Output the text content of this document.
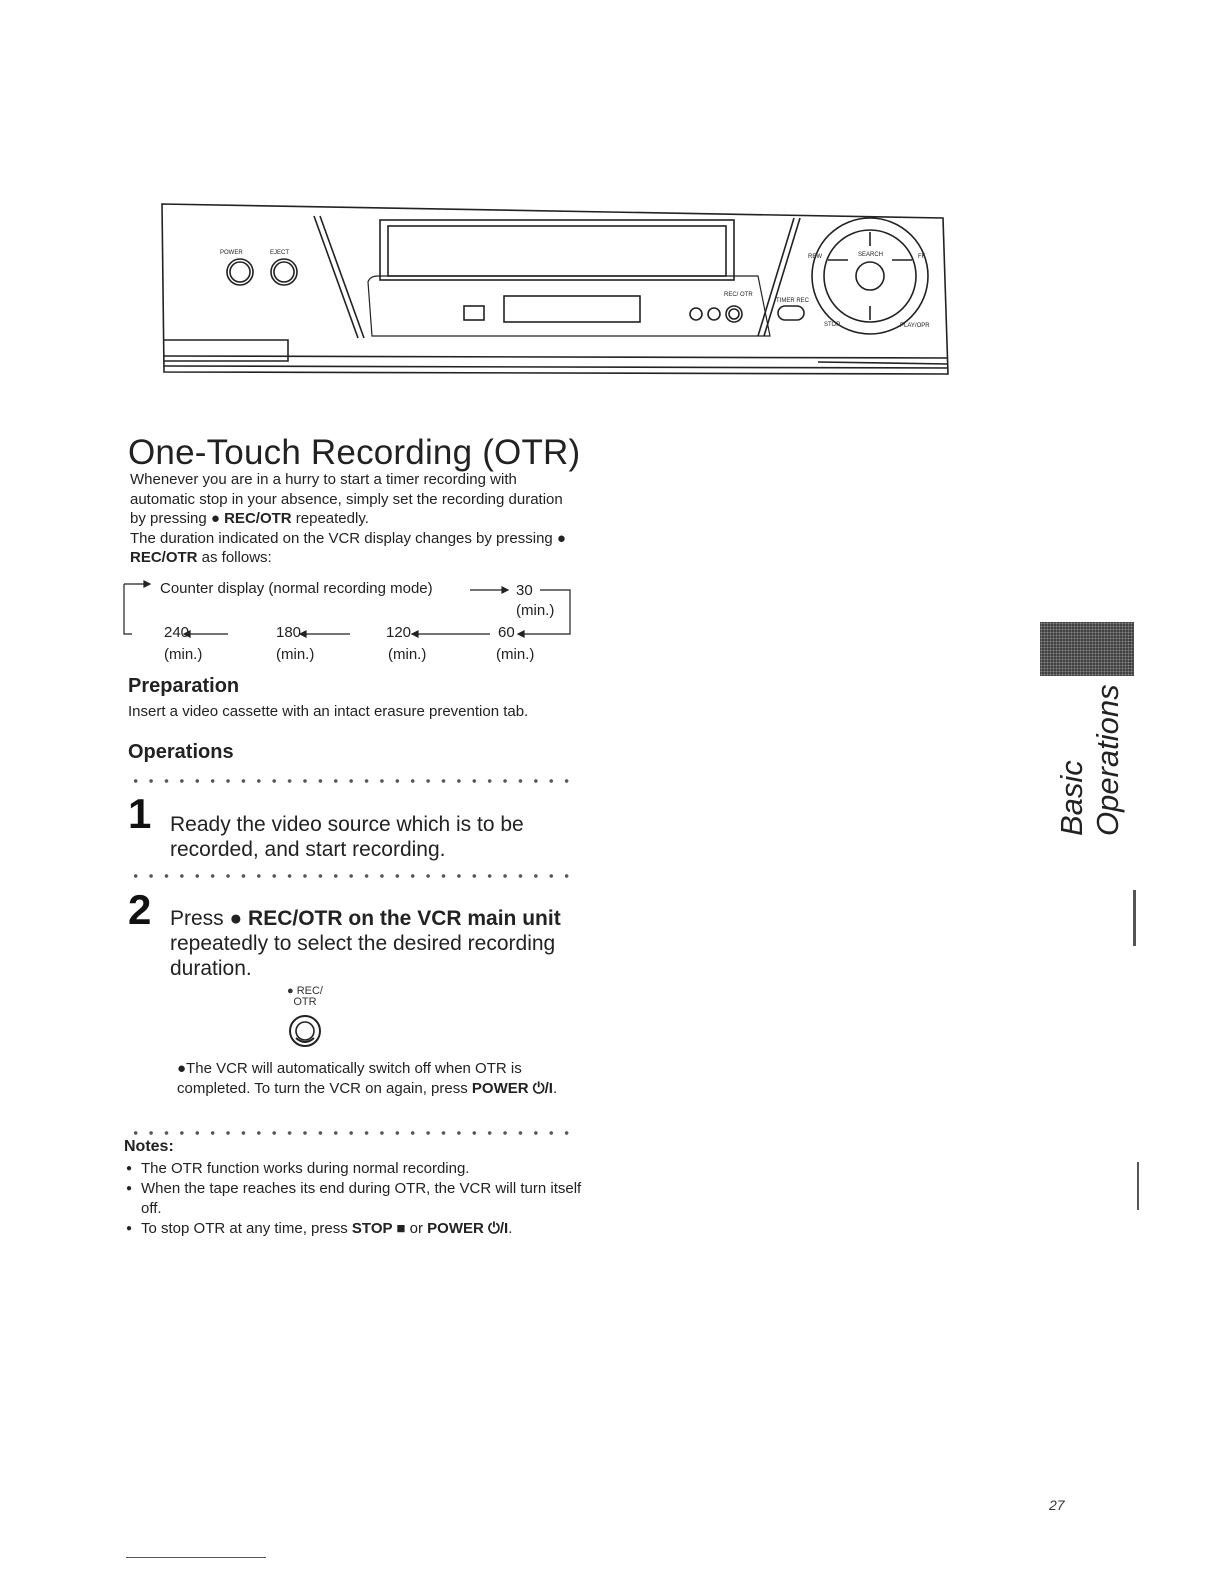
POWER	EJECT
REC/ OTR
TIMER REC
REW	SEARCH	FF
STOP	PLAY/OPR
One-Touch Recording (OTR)

Whenever you are in a hurry to start a timer recording with automatic stop in your absence, simply set the recording duration by pressing ● REC/OTR repeatedly.

The duration indicated on the VCR display changes by pressing ● REC/OTR as follows:

Counter display (normal recording mode)	30
(min.)
240	180	120	60
(min.)	(min.)	(min.)	(min.)
Preparation
Insert a video cassette with an intact erasure prevention tab.
Operations
1 Ready the video source which is to be recorded, and start recording.
2 Press ● REC/OTR on the VCR main unit repeatedly to select the desired recording duration.
● REC/
OTR
●The VCR will automatically switch off when OTR is completed. To turn the VCR on again, press POWER ⏻/I.
Notes:
● The OTR function works during normal recording.
● When the tape reaches its end during OTR, the VCR will turn itself off.
● To stop OTR at any time, press STOP ■ or POWER ⏻/I.
Basic Operations
27
